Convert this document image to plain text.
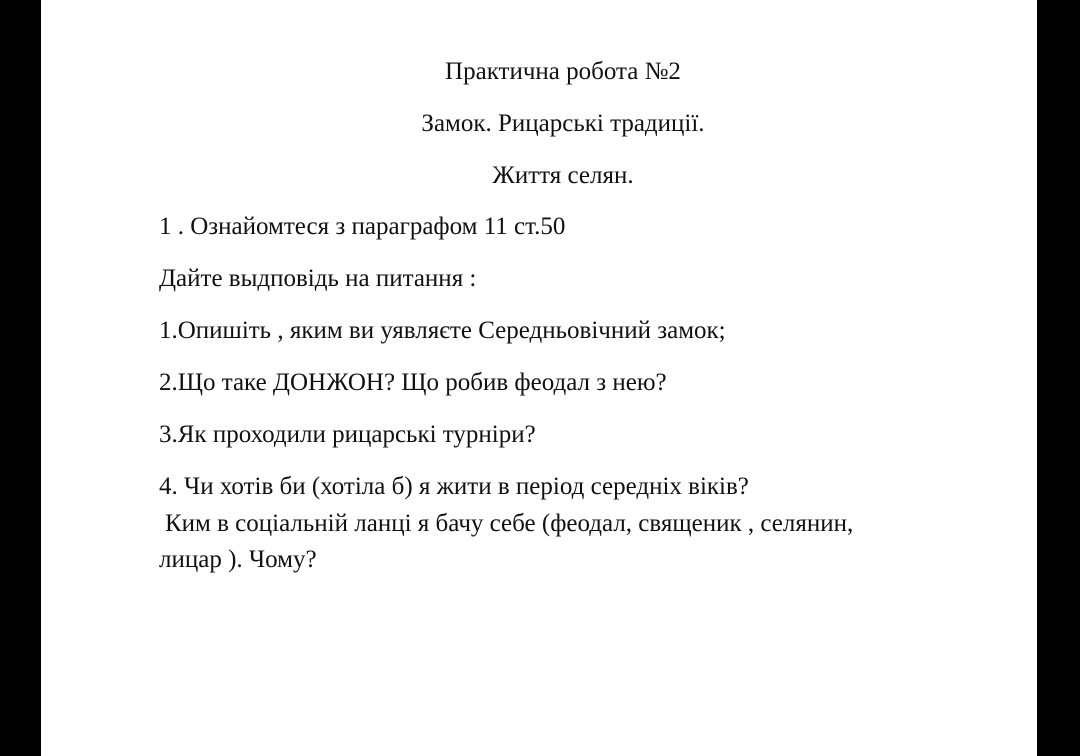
Практична робота №2
Замок. Рицарські традиції.
Життя селян.
1 . Ознайомтеся з параграфом 11 ст.50
Дайте выдповідь на питання :
1.Опишіть , яким ви уявляєте Середньовічний замок;
2.Що таке ДОНЖОН? Що робив феодал з нею?
3.Як проходили рицарські турніри?
4. Чи хотів би (хотіла б) я жити в період середніх віків?
Ким в соціальній ланці я бачу себе (феодал, священик , селянин,
лицар ). Чому?
